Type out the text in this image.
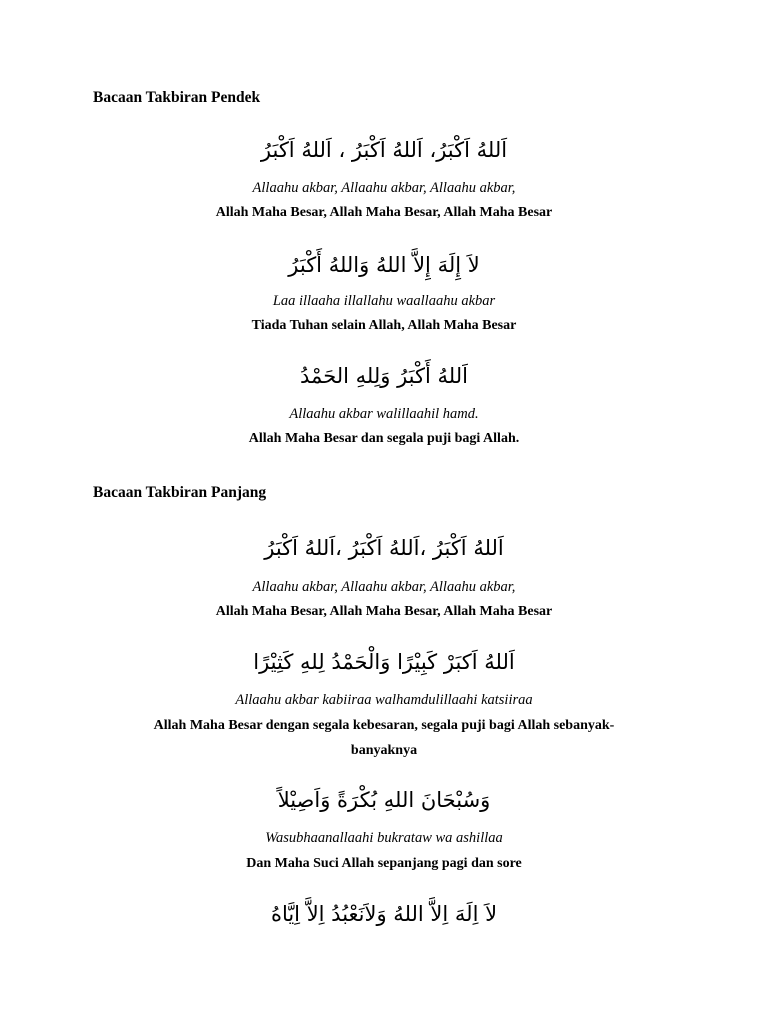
Bacaan Takbiran Pendek

اَللهُ اَكْبَرُ، اَللهُ اَكْبَرُ ، اَللهُ اَكْبَرُ

Allaahu akbar, Allaahu akbar, Allaahu akbar,

Allah Maha Besar, Allah Maha Besar, Allah Maha Besar

لاَ إِلَهَ إِلاَّ اللهُ وَاللهُ أَكْبَرُ

Laa illaaha illallahu waallaahu akbar

Tiada Tuhan selain Allah, Allah Maha Besar

اَللهُ أَكْبَرُ وَلِلهِ الحَمْدُ

Allaahu akbar walillaahil hamd.

Allah Maha Besar dan segala puji bagi Allah.

Bacaan Takbiran Panjang

اَللهُ اَكْبَرُ ،اَللهُ اَكْبَرُ ،اَللهُ اَكْبَرُ

Allaahu akbar, Allaahu akbar, Allaahu akbar,

Allah Maha Besar, Allah Maha Besar, Allah Maha Besar

اَللهُ اَكبَرْ كَبِيْرًا وَالْحَمْدُ لِلهِ كَثِيْرًا

Allaahu akbar kabiiraa walhamdulillaahi katsiiraa

Allah Maha Besar dengan segala kebesaran, segala puji bagi Allah sebanyak-

banyaknya

وَسُبْحَانَ اللهِ بُكْرَةً وَاَصِيْلاً

Wasubhaanallaahi bukrataw wa ashillaa

Dan Maha Suci Allah sepanjang pagi dan sore

لاَ اِلَهَ اِلاَّ اللهُ وَلاَنَعْبُدُ اِلاَّ اِيَّاهُ
